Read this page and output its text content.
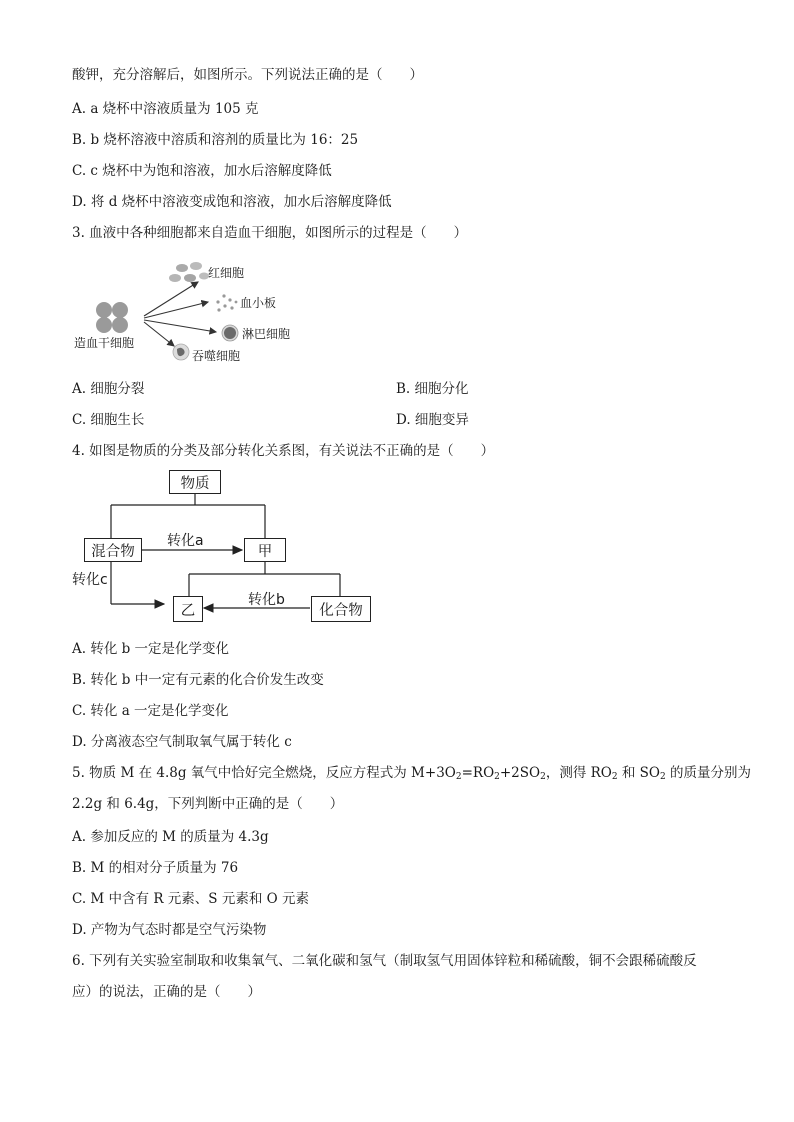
酸钾，充分溶解后，如图所示。下列说法正确的是（　　）
A. a 烧杯中溶液质量为 105 克
B. b 烧杯溶液中溶质和溶剂的质量比为 16：25
C. c 烧杯中为饱和溶液，加水后溶解度降低
D. 将 d 烧杯中溶液变成饱和溶液，加水后溶解度降低
3. 血液中各种细胞都来自造血干细胞，如图所示的过程是（　　）
造血干细胞
红细胞
血小板
淋巴细胞
吞噬细胞
A. 细胞分裂	B. 细胞分化
C. 细胞生长	D. 细胞变异
4. 如图是物质的分类及部分转化关系图，有关说法不正确的是（　　）
物质
混合物	甲
乙	化合物
转化a
转化b
转化c
A. 转化 b 一定是化学变化
B. 转化 b 中一定有元素的化合价发生改变
C. 转化 a 一定是化学变化
D. 分离液态空气制取氧气属于转化 c
5. 物质 M 在 4.8g 氧气中恰好完全燃烧，反应方程式为 $M+3O_2=RO_2+2SO_2$，测得 $RO_2$ 和 $SO_2$ 的质量分别为
2.2g 和 6.4g，下列判断中正确的是（　　）
A. 参加反应的 M 的质量为 4.3g
B. M 的相对分子质量为 76
C. M 中含有 R 元素、S 元素和 O 元素
D. 产物为气态时都是空气污染物
6. 下列有关实验室制取和收集氧气、二氧化碳和氢气（制取氢气用固体锌粒和稀硫酸，铜不会跟稀硫酸反
应）的说法，正确的是（　　）
